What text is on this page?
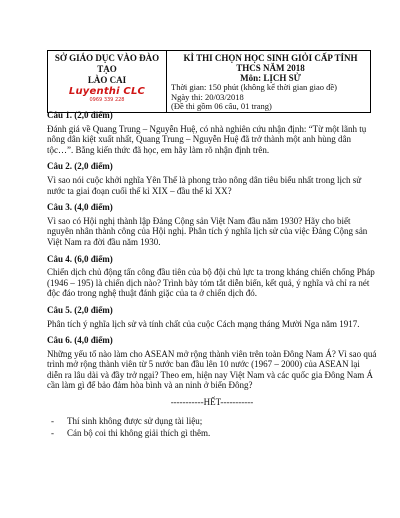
SỞ GIÁO DỤC VÀO ĐÀO TẠO
LÀO CAI
Luyenthi CLC
0969 339 228

KÌ THI CHỌN HỌC SINH GIỎI CẤP TỈNH
THCS NĂM 2018
Môn: LỊCH SỬ
Thời gian: 150 phút (không kể thời gian giao đề)
Ngày thi: 20/03/2018
(Đề thi gồm 06 câu, 01 trang)

Câu 1. (2,0 điểm)

Đánh giá về Quang Trung – Nguyễn Huệ, có nhà nghiên cứu nhận định: “Từ một lãnh tụ nông dân kiệt xuất nhất, Quang Trung – Nguyễn Huệ đã trở thành một anh hùng dân tộc…”. Bằng kiến thức đã học, em hãy làm rõ nhận định trên.

Câu 2. (2,0 điểm)

Vì sao nói cuộc khởi nghĩa Yên Thế là phong trào nông dân tiêu biểu nhất trong lịch sử nước ta giai đoạn cuối thế kỉ XIX – đầu thế kỉ XX?

Câu 3. (4,0 điểm)

Vì sao có Hội nghị thành lập Đảng Cộng sản Việt Nam đầu năm 1930? Hãy cho biết nguyên nhân thành công của Hội nghị. Phân tích ý nghĩa lịch sử của việc Đảng Cộng sản Việt Nam ra đời đầu năm 1930.

Câu 4. (6,0 điểm)

Chiến dịch chủ động tấn công đầu tiên của bộ đội chủ lực ta trong kháng chiến chống Pháp (1946 – 195) là chiến dịch nào? Trình bày tóm tắt diễn biến, kết quả, ý nghĩa và chỉ ra nét độc đáo trong nghệ thuật đánh giặc của ta ở chiến dịch đó.

Câu 5. (2,0 điểm)

Phân tích ý nghĩa lịch sử và tính chất của cuộc Cách mạng tháng Mười Nga năm 1917.

Câu 6. (4,0 điểm)

Những yếu tố nào làm cho ASEAN mở rộng thành viên trên toàn Đông Nam Á? Vì sao quá trình mở rộng thành viên từ 5 nước ban đầu lên 10 nước (1967 – 2000) của ASEAN lại diễn ra lâu dài và đầy trở ngại? Theo em, hiện nay Việt Nam và các quốc gia Đông Nam Á cần làm gì để bảo đảm hòa bình và an ninh ở biển Đông?

-----------HẾT-----------

- Thí sinh không được sử dụng tài liệu;
- Cán bộ coi thi không giải thích gì thêm.
